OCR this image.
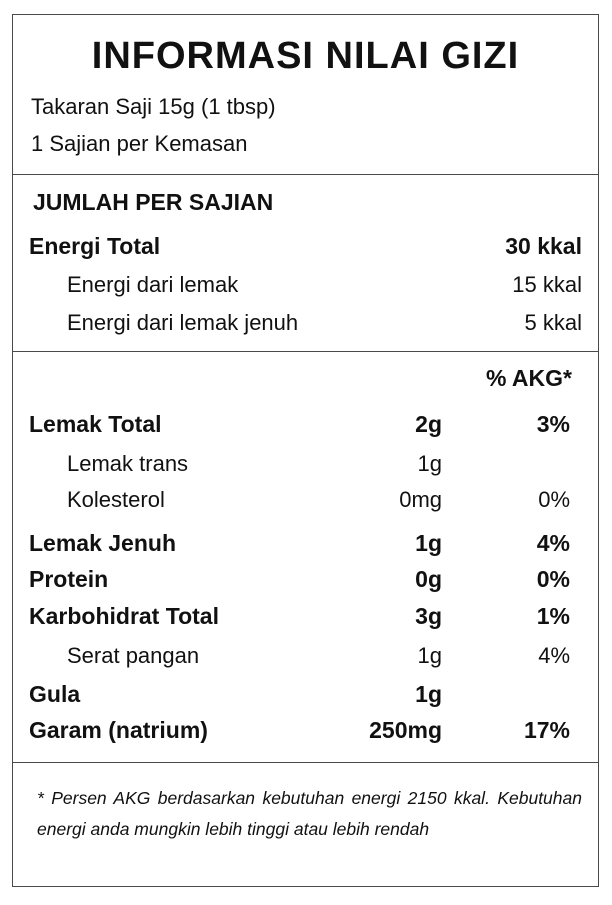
INFORMASI NILAI GIZI
Takaran Saji 15g (1 tbsp)
1 Sajian per Kemasan
JUMLAH PER SAJIAN
Energi Total	30 kkal
Energi dari lemak	15 kkal
Energi dari lemak jenuh	5 kkal
% AKG*
Lemak Total	2g	3%
Lemak trans	1g
Kolesterol	0mg	0%
Lemak Jenuh	1g	4%
Protein	0g	0%
Karbohidrat Total	3g	1%
Serat pangan	1g	4%
Gula	1g
Garam (natrium)	250mg	17%
* Persen AKG berdasarkan kebutuhan energi 2150 kkal. Kebutuhan energi anda mungkin lebih tinggi atau lebih rendah
